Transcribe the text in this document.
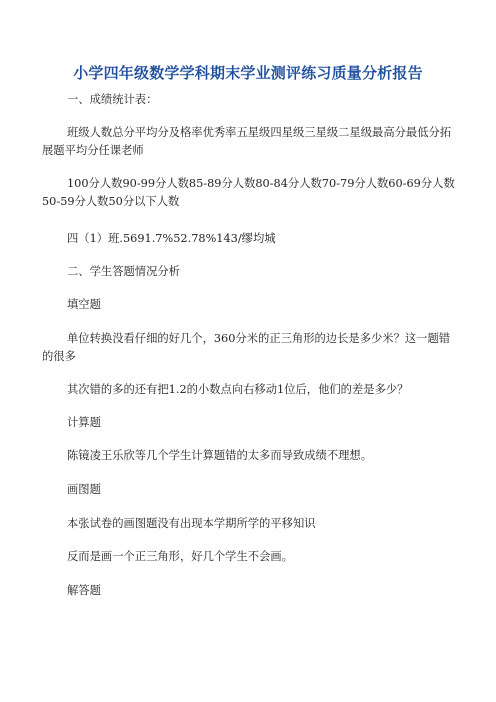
小学四年级数学学科期末学业测评练习质量分析报告
一、成绩统计表：
班级人数总分平均分及格率优秀率五星级四星级三星级二星级最高分最低分拓展题平均分任课老师
100分人数90-99分人数85-89分人数80-84分人数70-79分人数60-69分人数50-59分人数50分以下人数
四（1）班.5691.7%52.78%143/缪均城
二、学生答题情况分析
填空题
单位转换没看仔细的好几个，360分米的正三角形的边长是多少米？这一题错的很多
其次错的多的还有把1.2的小数点向右移动1位后，他们的差是多少？
计算题
陈镜凌王乐欣等几个学生计算题错的太多而导致成绩不理想。
画图题
本张试卷的画图题没有出现本学期所学的平移知识
反而是画一个正三角形，好几个学生不会画。
解答题
